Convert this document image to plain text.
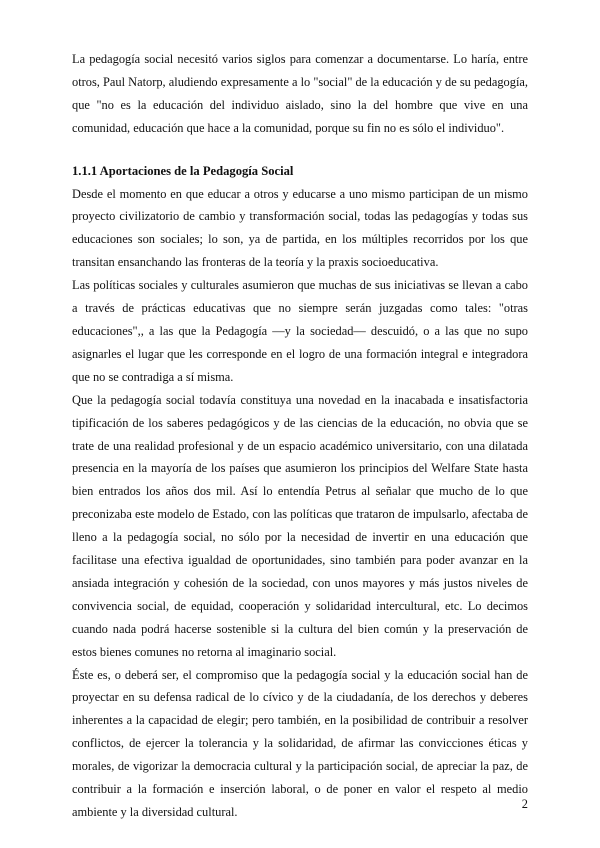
La pedagogía social necesitó varios siglos para comenzar a documentarse. Lo haría, entre otros, Paul Natorp, aludiendo expresamente a lo "social" de la educación y de su pedagogía, que "no es la educación del individuo aislado, sino la del hombre que vive en una comunidad, educación que hace a la comunidad, porque su fin no es sólo el individuo".

1.1.1 Aportaciones de la Pedagogía Social

Desde el momento en que educar a otros y educarse a uno mismo participan de un mismo proyecto civilizatorio de cambio y transformación social, todas las pedagogías y todas sus educaciones son sociales; lo son, ya de partida, en los múltiples recorridos por los que transitan ensanchando las fronteras de la teoría y la praxis socioeducativa.

Las políticas sociales y culturales asumieron que muchas de sus iniciativas se llevan a cabo a través de prácticas educativas que no siempre serán juzgadas como tales: "otras educaciones",, a las que la Pedagogía —y la sociedad— descuidó, o a las que no supo asignarles el lugar que les corresponde en el logro de una formación integral e integradora que no se contradiga a sí misma.

Que la pedagogía social todavía constituya una novedad en la inacabada e insatisfactoria tipificación de los saberes pedagógicos y de las ciencias de la educación, no obvia que se trate de una realidad profesional y de un espacio académico universitario, con una dilatada presencia en la mayoría de los países que asumieron los principios del Welfare State hasta bien entrados los años dos mil. Así lo entendía Petrus al señalar que mucho de lo que preconizaba este modelo de Estado, con las políticas que trataron de impulsarlo, afectaba de lleno a la pedagogía social, no sólo por la necesidad de invertir en una educación que facilitase una efectiva igualdad de oportunidades, sino también para poder avanzar en la ansiada integración y cohesión de la sociedad, con unos mayores y más justos niveles de convivencia social, de equidad, cooperación y solidaridad intercultural, etc. Lo decimos cuando nada podrá hacerse sostenible si la cultura del bien común y la preservación de estos bienes comunes no retorna al imaginario social.

Éste es, o deberá ser, el compromiso que la pedagogía social y la educación social han de proyectar en su defensa radical de lo cívico y de la ciudadanía, de los derechos y deberes inherentes a la capacidad de elegir; pero también, en la posibilidad de contribuir a resolver conflictos, de ejercer la tolerancia y la solidaridad, de afirmar las convicciones éticas y morales, de vigorizar la democracia cultural y la participación social, de apreciar la paz, de contribuir a la formación e inserción laboral, o de poner en valor el respeto al medio ambiente y la diversidad cultural.

2
